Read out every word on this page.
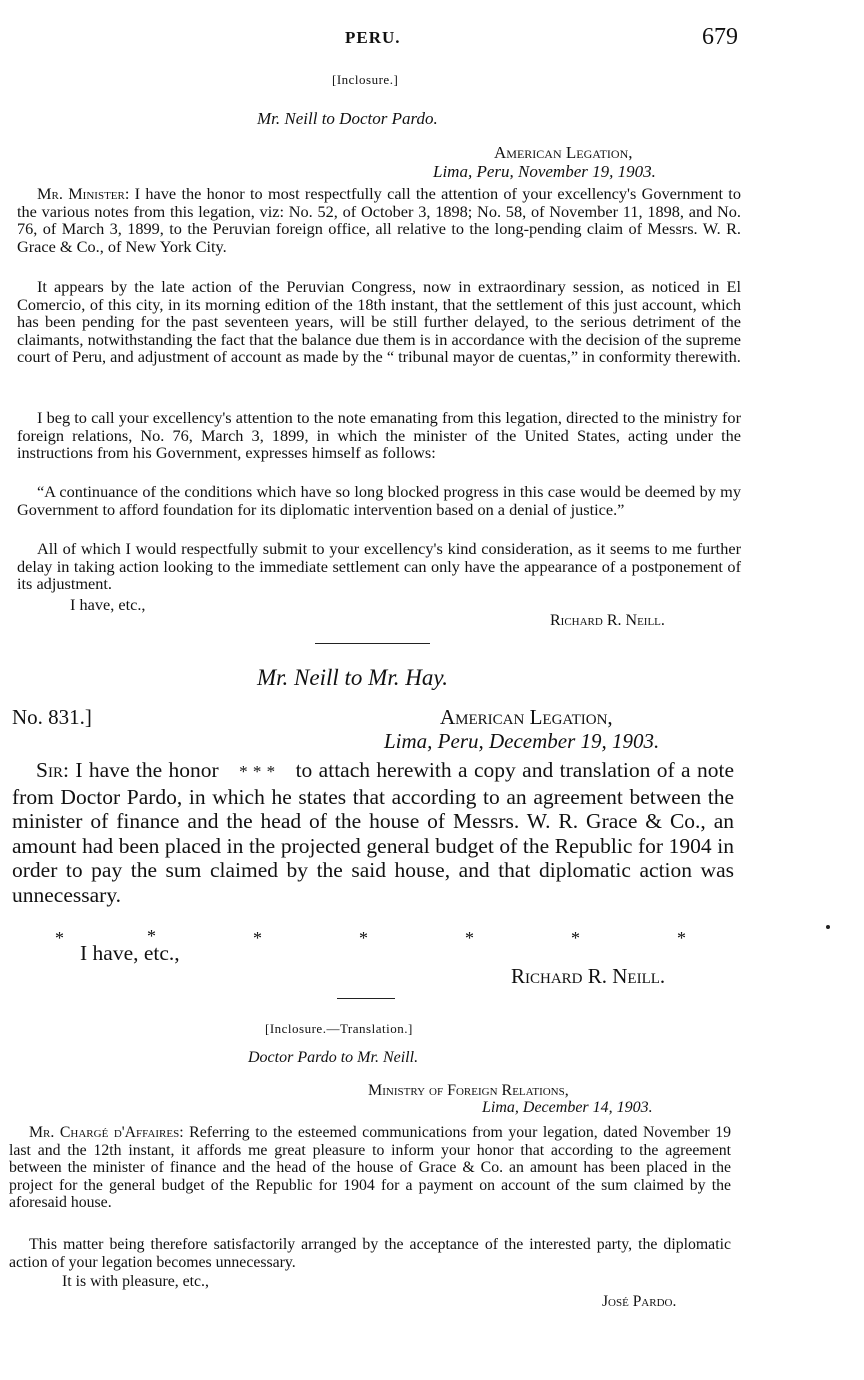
PERU.	679
[Inclosure.]
Mr. Neill to Doctor Pardo.
American Legation,
Lima, Peru, November 19, 1903.
Mr. Minister: I have the honor to most respectfully call the attention of your excellency's Government to the various notes from this legation, viz: No. 52, of October 3, 1898; No. 58, of November 11, 1898, and No. 76, of March 3, 1899, to the Peruvian foreign office, all relative to the long-pending claim of Messrs. W. R. Grace & Co., of New York City.
It appears by the late action of the Peruvian Congress, now in extraordinary session, as noticed in El Comercio, of this city, in its morning edition of the 18th instant, that the settlement of this just account, which has been pending for the past seventeen years, will be still further delayed, to the serious detriment of the claimants, notwithstanding the fact that the balance due them is in accordance with the decision of the supreme court of Peru, and adjustment of account as made by the “ tribunal mayor de cuentas,” in conformity therewith.
I beg to call your excellency's attention to the note emanating from this legation, directed to the ministry for foreign relations, No. 76, March 3, 1899, in which the minister of the United States, acting under the instructions from his Government, expresses himself as follows:
“A continuance of the conditions which have so long blocked progress in this case would be deemed by my Government to afford foundation for its diplomatic intervention based on a denial of justice.”
All of which I would respectfully submit to your excellency's kind consideration, as it seems to me further delay in taking action looking to the immediate settlement can only have the appearance of a postponement of its adjustment.
I have, etc.,
Richard R. Neill.
Mr. Neill to Mr. Hay.
No. 831.]	American Legation,
Lima, Peru, December 19, 1903.
Sir: I have the honor * * * to attach herewith a copy and translation of a note from Doctor Pardo, in which he states that according to an agreement between the minister of finance and the head of the house of Messrs. W. R. Grace & Co., an amount had been placed in the projected general budget of the Republic for 1904 in order to pay the sum claimed by the said house, and that diplomatic action was unnecessary.
*	*	*	*	*	*	*
I have, etc.,
Richard R. Neill.
[Inclosure.—Translation.]
Doctor Pardo to Mr. Neill.
Ministry of Foreign Relations,
Lima, December 14, 1903.
Mr. Chargé d'Affaires: Referring to the esteemed communications from your legation, dated November 19 last and the 12th instant, it affords me great pleasure to inform your honor that according to the agreement between the minister of finance and the head of the house of Grace & Co. an amount has been placed in the project for the general budget of the Republic for 1904 for a payment on account of the sum claimed by the aforesaid house.
This matter being therefore satisfactorily arranged by the acceptance of the interested party, the diplomatic action of your legation becomes unnecessary.
It is with pleasure, etc.,
José Pardo.
